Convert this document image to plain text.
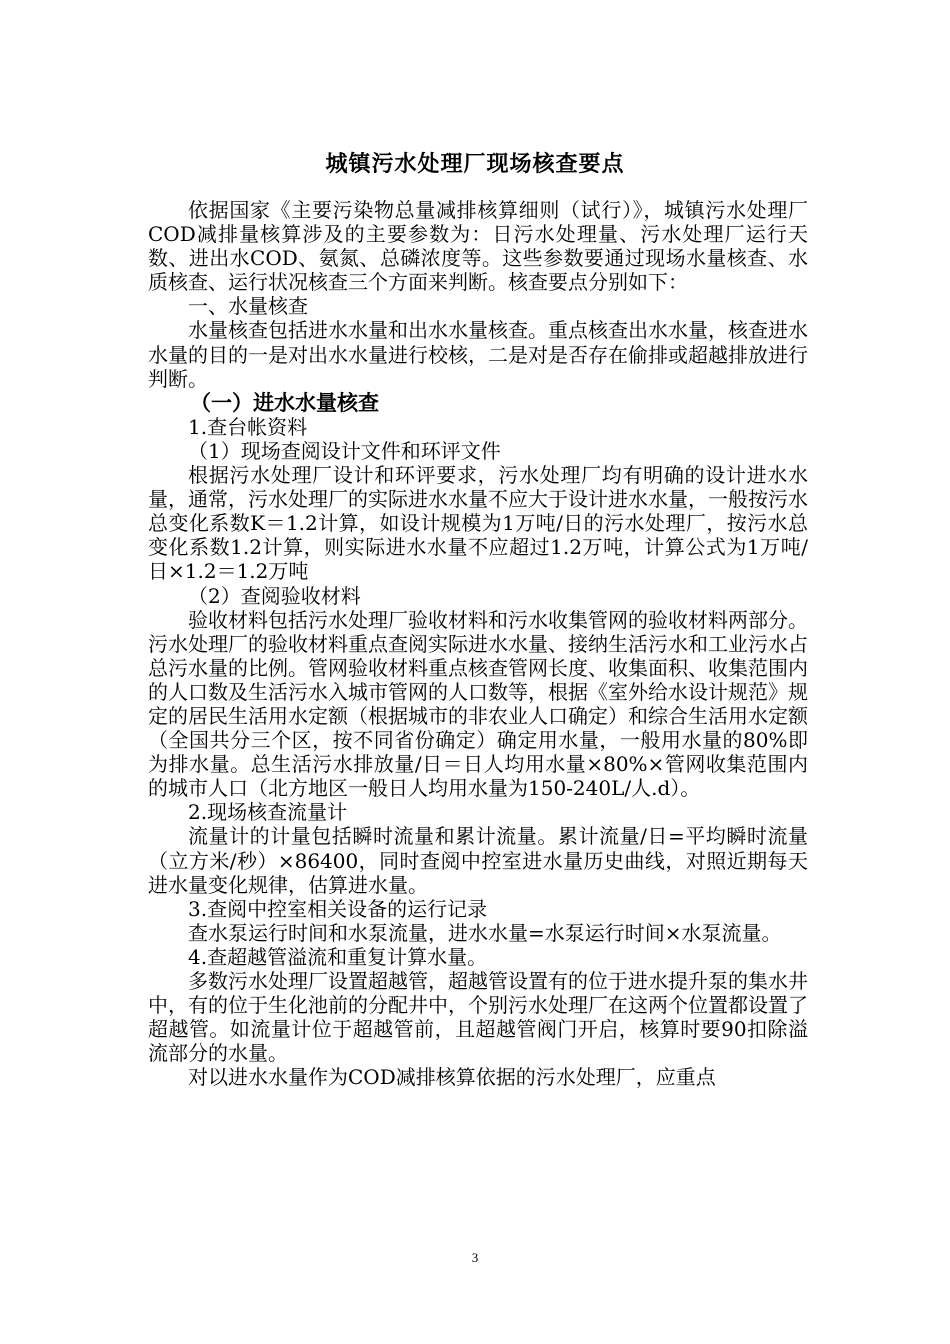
城镇污水处理厂现场核查要点

依据国家《主要污染物总量减排核算细则（试行）》，城镇污水处理厂COD减排量核算涉及的主要参数为：日污水处理量、污水处理厂运行天数、进出水COD、氨氮、总磷浓度等。这些参数要通过现场水量核查、水质核查、运行状况核查三个方面来判断。核查要点分别如下：

一、水量核查

水量核查包括进水水量和出水水量核查。重点核查出水水量，核查进水水量的目的一是对出水水量进行校核，二是对是否存在偷排或超越排放进行判断。

（一）进水水量核查

1.查台帐资料

（1）现场查阅设计文件和环评文件

根据污水处理厂设计和环评要求，污水处理厂均有明确的设计进水水量，通常，污水处理厂的实际进水水量不应大于设计进水水量，一般按污水总变化系数K＝1.2计算，如设计规模为1万吨/日的污水处理厂，按污水总变化系数1.2计算，则实际进水水量不应超过1.2万吨，计算公式为1万吨/日×1.2＝1.2万吨

（2）查阅验收材料

验收材料包括污水处理厂验收材料和污水收集管网的验收材料两部分。污水处理厂的验收材料重点查阅实际进水水量、接纳生活污水和工业污水占总污水量的比例。管网验收材料重点核查管网长度、收集面积、收集范围内的人口数及生活污水入城市管网的人口数等，根据《室外给水设计规范》规定的居民生活用水定额（根据城市的非农业人口确定）和综合生活用水定额（全国共分三个区，按不同省份确定）确定用水量，一般用水量的80%即为排水量。总生活污水排放量/日＝日人均用水量×80%×管网收集范围内的城市人口（北方地区一般日人均用水量为150-240L/人.d）。

2.现场核查流量计

流量计的计量包括瞬时流量和累计流量。累计流量/日=平均瞬时流量（立方米/秒）×86400，同时查阅中控室进水量历史曲线，对照近期每天进水量变化规律，估算进水量。

3.查阅中控室相关设备的运行记录

查水泵运行时间和水泵流量，进水水量=水泵运行时间×水泵流量。

4.查超越管溢流和重复计算水量。

多数污水处理厂设置超越管，超越管设置有的位于进水提升泵的集水井中，有的位于生化池前的分配井中，个别污水处理厂在这两个位置都设置了超越管。如流量计位于超越管前，且超越管阀门开启，核算时要90扣除溢流部分的水量。

对以进水水量作为COD减排核算依据的污水处理厂，应重点

3
